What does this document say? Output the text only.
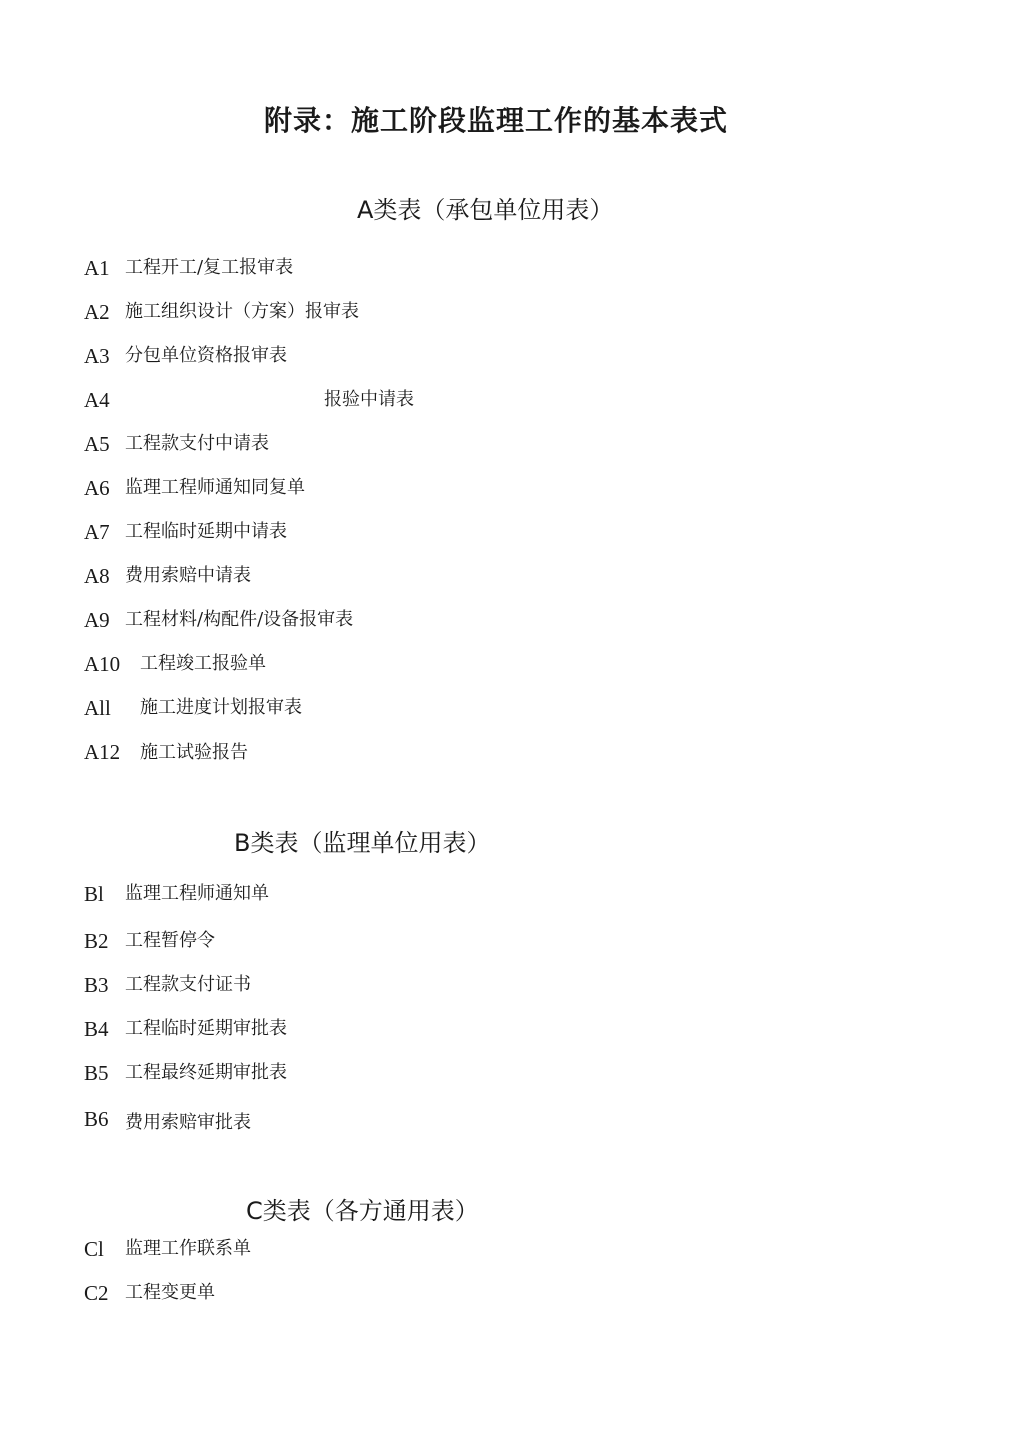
附录：施工阶段监理工作的基本表式
A类表（承包单位用表）
A1 工程开工/复工报审表
A2 施工组织设计（方案）报审表
A3 分包单位资格报审表
A4	报验中请表
A5 工程款支付中请表
A6 监理工程师通知同复单
A7 工程临时延期中请表
A8 费用索赔中请表
A9 工程材料/构配件/设备报审表
A10 工程竣工报验单
All 施工进度计划报审表
A12 施工试验报告
B类表（监理单位用表）
Bl 监理工程师通知单
B2 工程暂停令
B3 工程款支付证书
B4 工程临时延期审批表
B5 工程最终延期审批表
B6 费用索赔审批表
C类表（各方通用表）
Cl 监理工作联系单
C2 工程变更单
